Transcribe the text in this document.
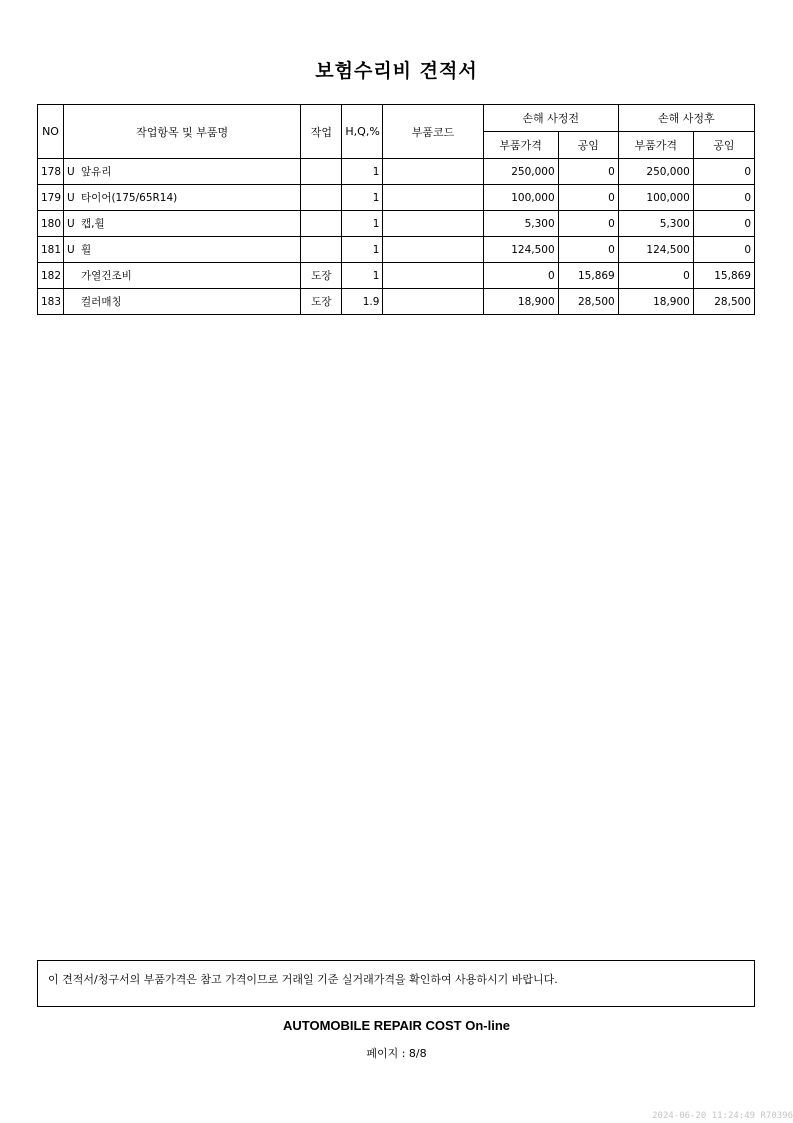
보험수리비 견적서
NO	작업항목 및 부품명	작업	H,Q,%	부품코드	손해 사정전		손해 사정후	
					부품가격	공임	부품가격	공임
178	U 앞유리		1		250,000	0	250,000	0
179	U 타이어(175/65R14)		1		100,000	0	100,000	0
180	U 캡,휠		1		5,300	0	5,300	0
181	U 휠		1		124,500	0	124,500	0
182	가열건조비	도장	1		0	15,869	0	15,869
183	컬러매칭	도장	1.9		18,900	28,500	18,900	28,500
이 견적서/청구서의 부품가격은 참고 가격이므로 거래일 기준 실거래가격을 확인하여 사용하시기 바랍니다.
AUTOMOBILE REPAIR COST On-line
페이지 : 8/8
2024-06-20 11:24:49 R70396
